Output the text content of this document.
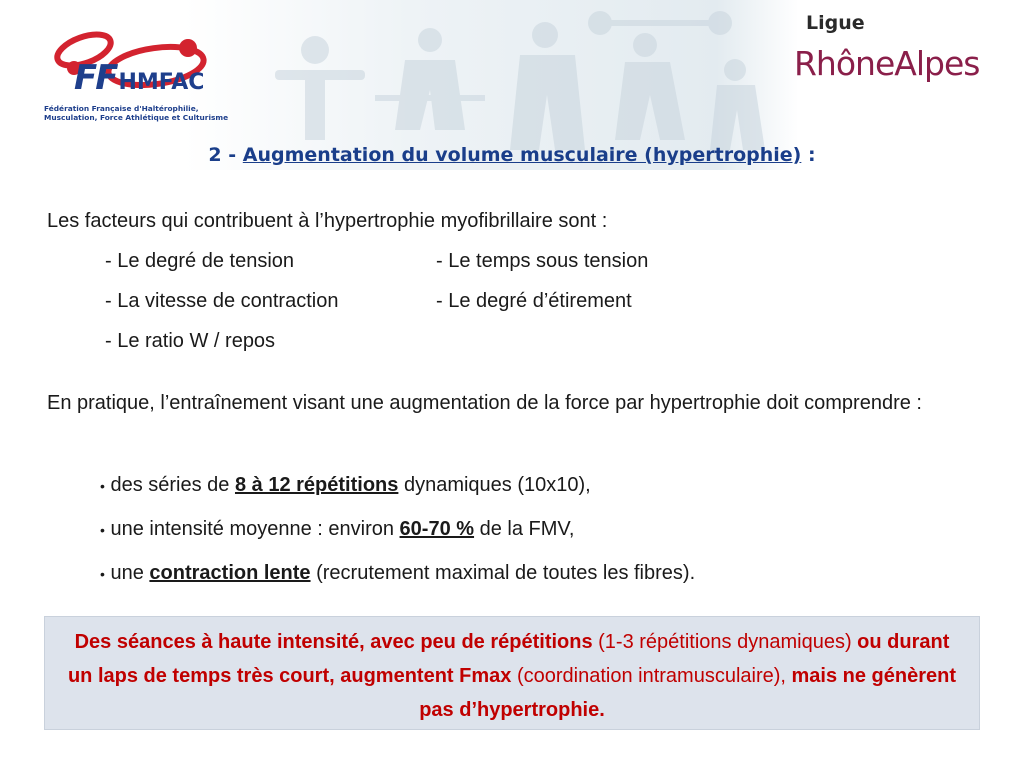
FFHMFAC
Fédération Française d'Haltérophilie,
Musculation, Force Athlétique et Culturisme
Ligue
RhôneAlpes
2 - Augmentation du volume musculaire (hypertrophie) :
Les facteurs qui contribuent à l’hypertrophie myofibrillaire sont :
- Le degré de tension	- Le temps sous tension
- La vitesse de contraction	- Le degré d’étirement
- Le ratio W / repos
En pratique, l’entraînement visant une augmentation de la force par hypertrophie doit comprendre :
• des séries de 8 à 12 répétitions dynamiques (10x10),
• une intensité moyenne : environ 60-70 % de la FMV,
• une contraction lente (recrutement maximal de toutes les fibres).
Des séances à haute intensité, avec peu de répétitions (1-3 répétitions dynamiques) ou durant un laps de temps très court, augmentent Fmax (coordination intramusculaire), mais ne génèrent pas d’hypertrophie.
